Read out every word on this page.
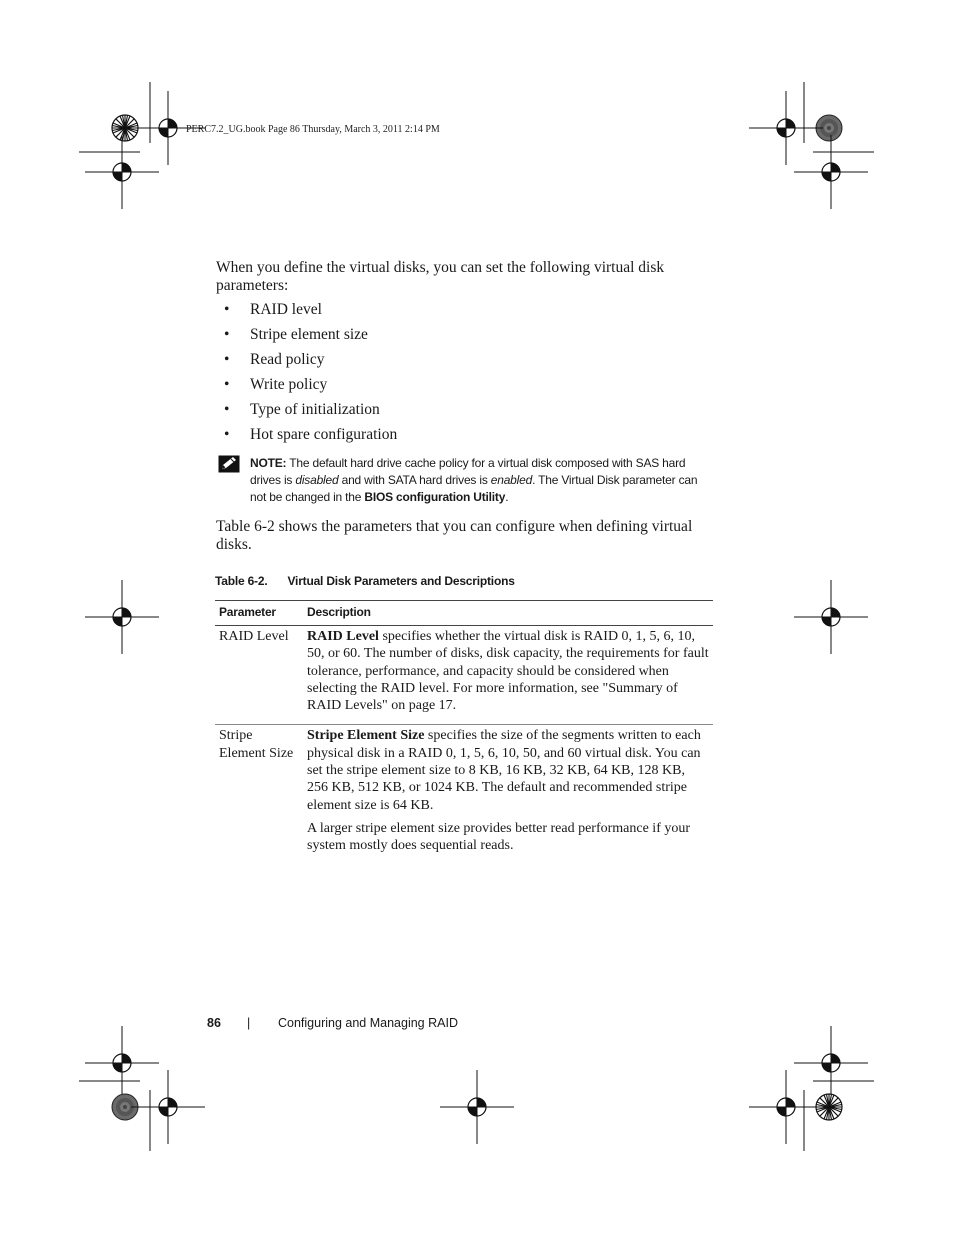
PERC7.2_UG.book Page 86 Thursday, March 3, 2011 2:14 PM

When you define the virtual disks, you can set the following virtual disk parameters:

• RAID level
• Stripe element size
• Read policy
• Write policy
• Type of initialization
• Hot spare configuration
NOTE: The default hard drive cache policy for a virtual disk composed with SAS hard drives is disabled and with SATA hard drives is enabled. The Virtual Disk parameter can not be changed in the BIOS configuration Utility.

Table 6-2 shows the parameters that you can configure when defining virtual disks.

Table 6-2. Virtual Disk Parameters and Descriptions
Parameter	Description
RAID Level	RAID Level specifies whether the virtual disk is RAID 0, 1, 5, 6, 10, 50, or 60. The number of disks, disk capacity, the requirements for fault tolerance, performance, and capacity should be considered when selecting the RAID level. For more information, see "Summary of RAID Levels" on page 17.

Stripe Element Size	Stripe Element Size specifies the size of the segments written to each physical disk in a RAID 0, 1, 5, 6, 10, 50, and 60 virtual disk. You can set the stripe element size to 8 KB, 16 KB, 32 KB, 64 KB, 128 KB, 256 KB, 512 KB, or 1024 KB. The default and recommended stripe element size is 64 KB.

A larger stripe element size provides better read performance if your system mostly does sequential reads.

86 | Configuring and Managing RAID
